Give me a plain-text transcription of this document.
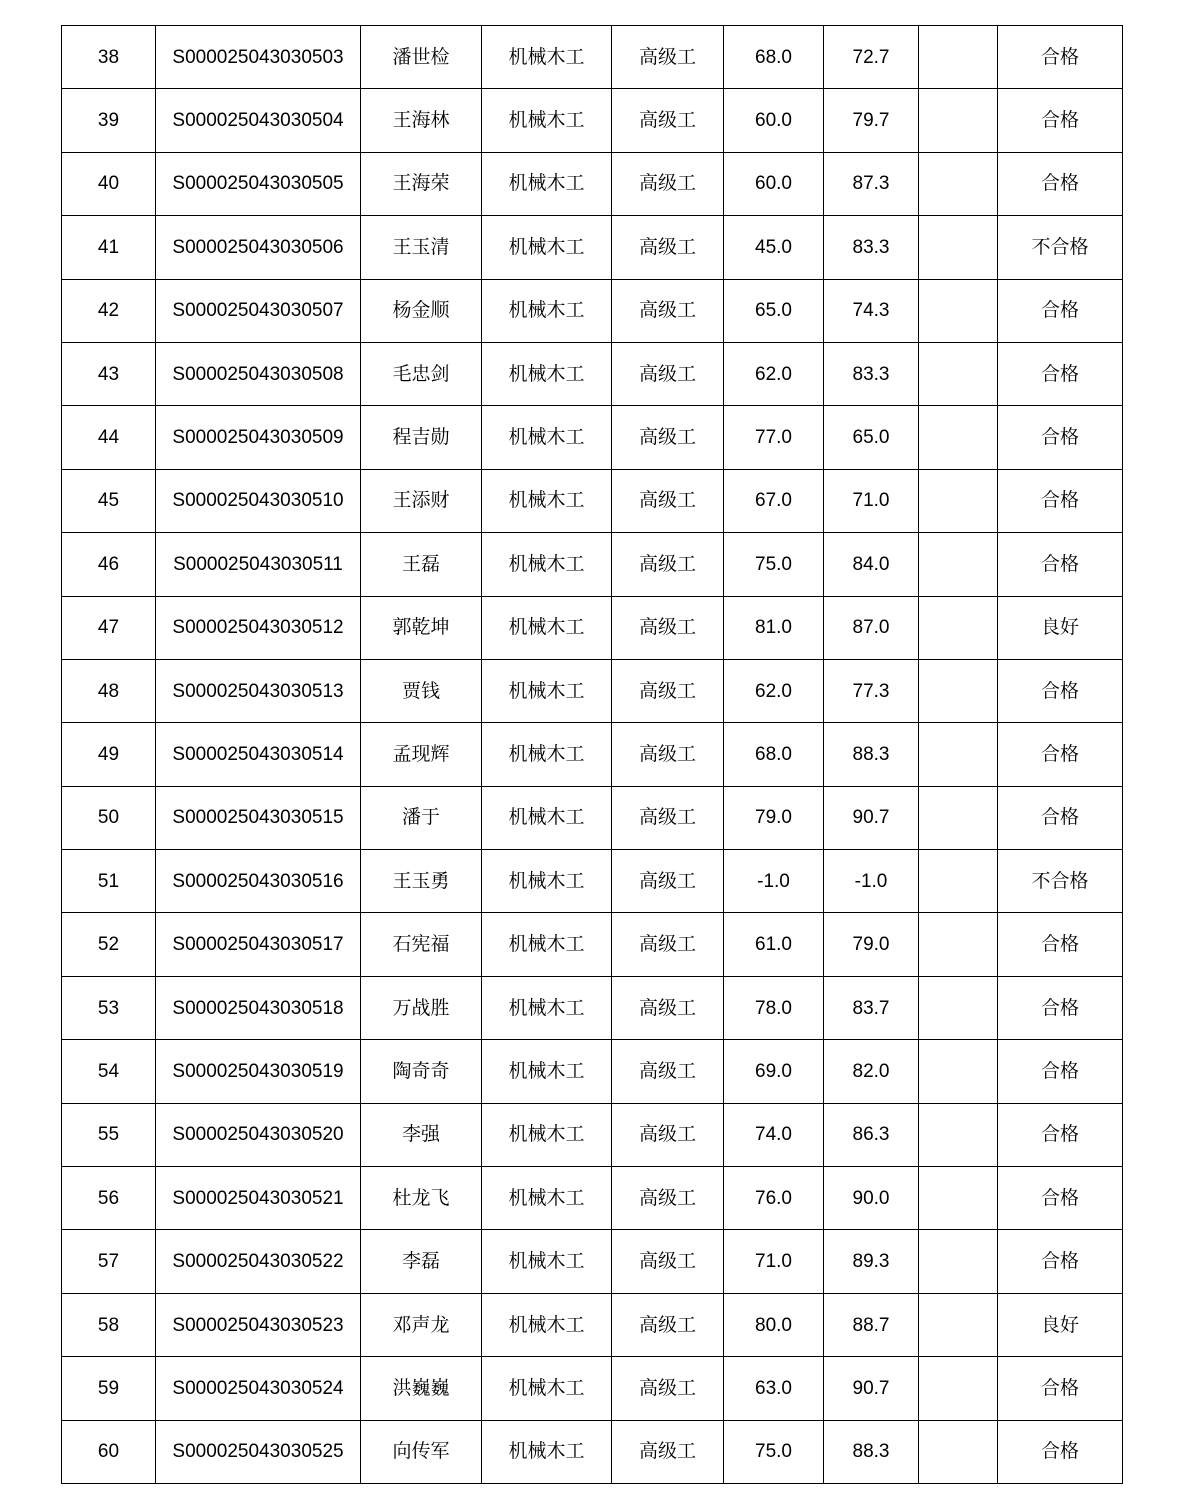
38	S000025043030503	潘世检	机械木工	高级工	68.0	72.7		合格
39	S000025043030504	王海林	机械木工	高级工	60.0	79.7		合格
40	S000025043030505	王海荣	机械木工	高级工	60.0	87.3		合格
41	S000025043030506	王玉清	机械木工	高级工	45.0	83.3		不合格
42	S000025043030507	杨金顺	机械木工	高级工	65.0	74.3		合格
43	S000025043030508	毛忠剑	机械木工	高级工	62.0	83.3		合格
44	S000025043030509	程吉勋	机械木工	高级工	77.0	65.0		合格
45	S000025043030510	王添财	机械木工	高级工	67.0	71.0		合格
46	S000025043030511	王磊	机械木工	高级工	75.0	84.0		合格
47	S000025043030512	郭乾坤	机械木工	高级工	81.0	87.0		良好
48	S000025043030513	贾钱	机械木工	高级工	62.0	77.3		合格
49	S000025043030514	孟现辉	机械木工	高级工	68.0	88.3		合格
50	S000025043030515	潘于	机械木工	高级工	79.0	90.7		合格
51	S000025043030516	王玉勇	机械木工	高级工	-1.0	-1.0		不合格
52	S000025043030517	石宪福	机械木工	高级工	61.0	79.0		合格
53	S000025043030518	万战胜	机械木工	高级工	78.0	83.7		合格
54	S000025043030519	陶奇奇	机械木工	高级工	69.0	82.0		合格
55	S000025043030520	李强	机械木工	高级工	74.0	86.3		合格
56	S000025043030521	杜龙飞	机械木工	高级工	76.0	90.0		合格
57	S000025043030522	李磊	机械木工	高级工	71.0	89.3		合格
58	S000025043030523	邓声龙	机械木工	高级工	80.0	88.7		良好
59	S000025043030524	洪巍巍	机械木工	高级工	63.0	90.7		合格
60	S000025043030525	向传军	机械木工	高级工	75.0	88.3		合格
